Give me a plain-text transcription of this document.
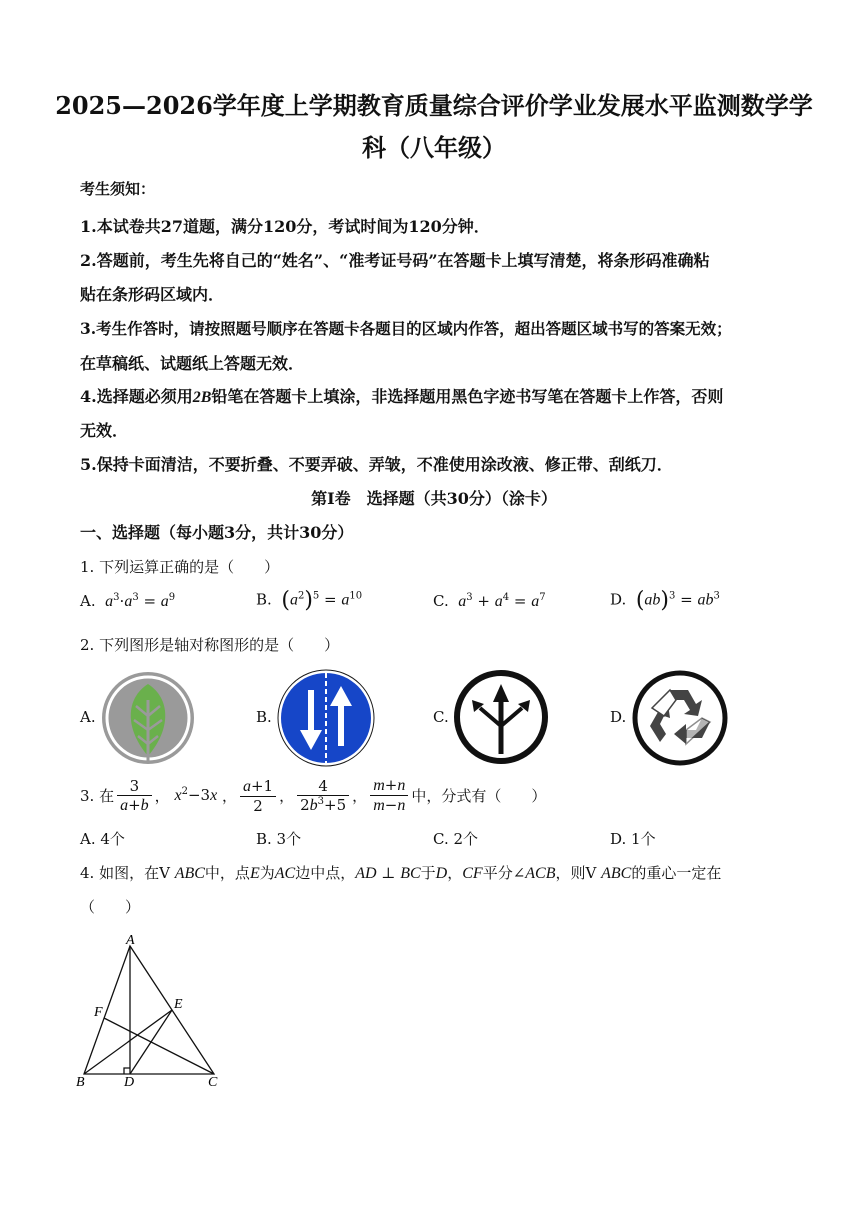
2025—2026学年度上学期教育质量综合评价学业发展水平监测数学学
科（八年级）
考生须知：
1.本试卷共27道题，满分120分，考试时间为120分钟．
2.答题前，考生先将自己的“姓名”、“准考证号码”在答题卡上填写清楚，将条形码准确粘
贴在条形码区域内．
3.考生作答时，请按照题号顺序在答题卡各题目的区域内作答，超出答题区域书写的答案无效；
在草稿纸、试题纸上答题无效．
4.选择题必须用2B铅笔在答题卡上填涂，非选择题用黑色字迹书写笔在答题卡上作答，否则
无效．
5.保持卡面清洁，不要折叠、不要弄破、弄皱，不准使用涂改液、修正带、刮纸刀．
第Ⅰ卷　选择题（共30分）（涂卡）
一、选择题（每小题3分，共计30分）
1. 下列运算正确的是（　　）
A. $a^3\cdot a^3 = a^9$	B. $(a^2)^5 = a^{10}$	C. $a^3 + a^4 = a^7$	D. $(ab)^3 = ab^3$
2. 下列图形是轴对称图形的是（　　）
A.	B.	C.	D.
3. 在 $\frac{3}{a+b}$ ， $x^2-3x$ ， $\frac{a+1}{2}$ ， $\frac{4}{2b^3+5}$ ， $\frac{m+n}{m-n}$ 中，分式有（　　）
A. 4个	B. 3个	C. 2个	D. 1个
4. 如图，在V ABC中，点E为AC边中点，AD ⊥ BC于D，CF平分∠ACB，则V ABC的重心一定在
（　　）
A
B	C
D
E
F
